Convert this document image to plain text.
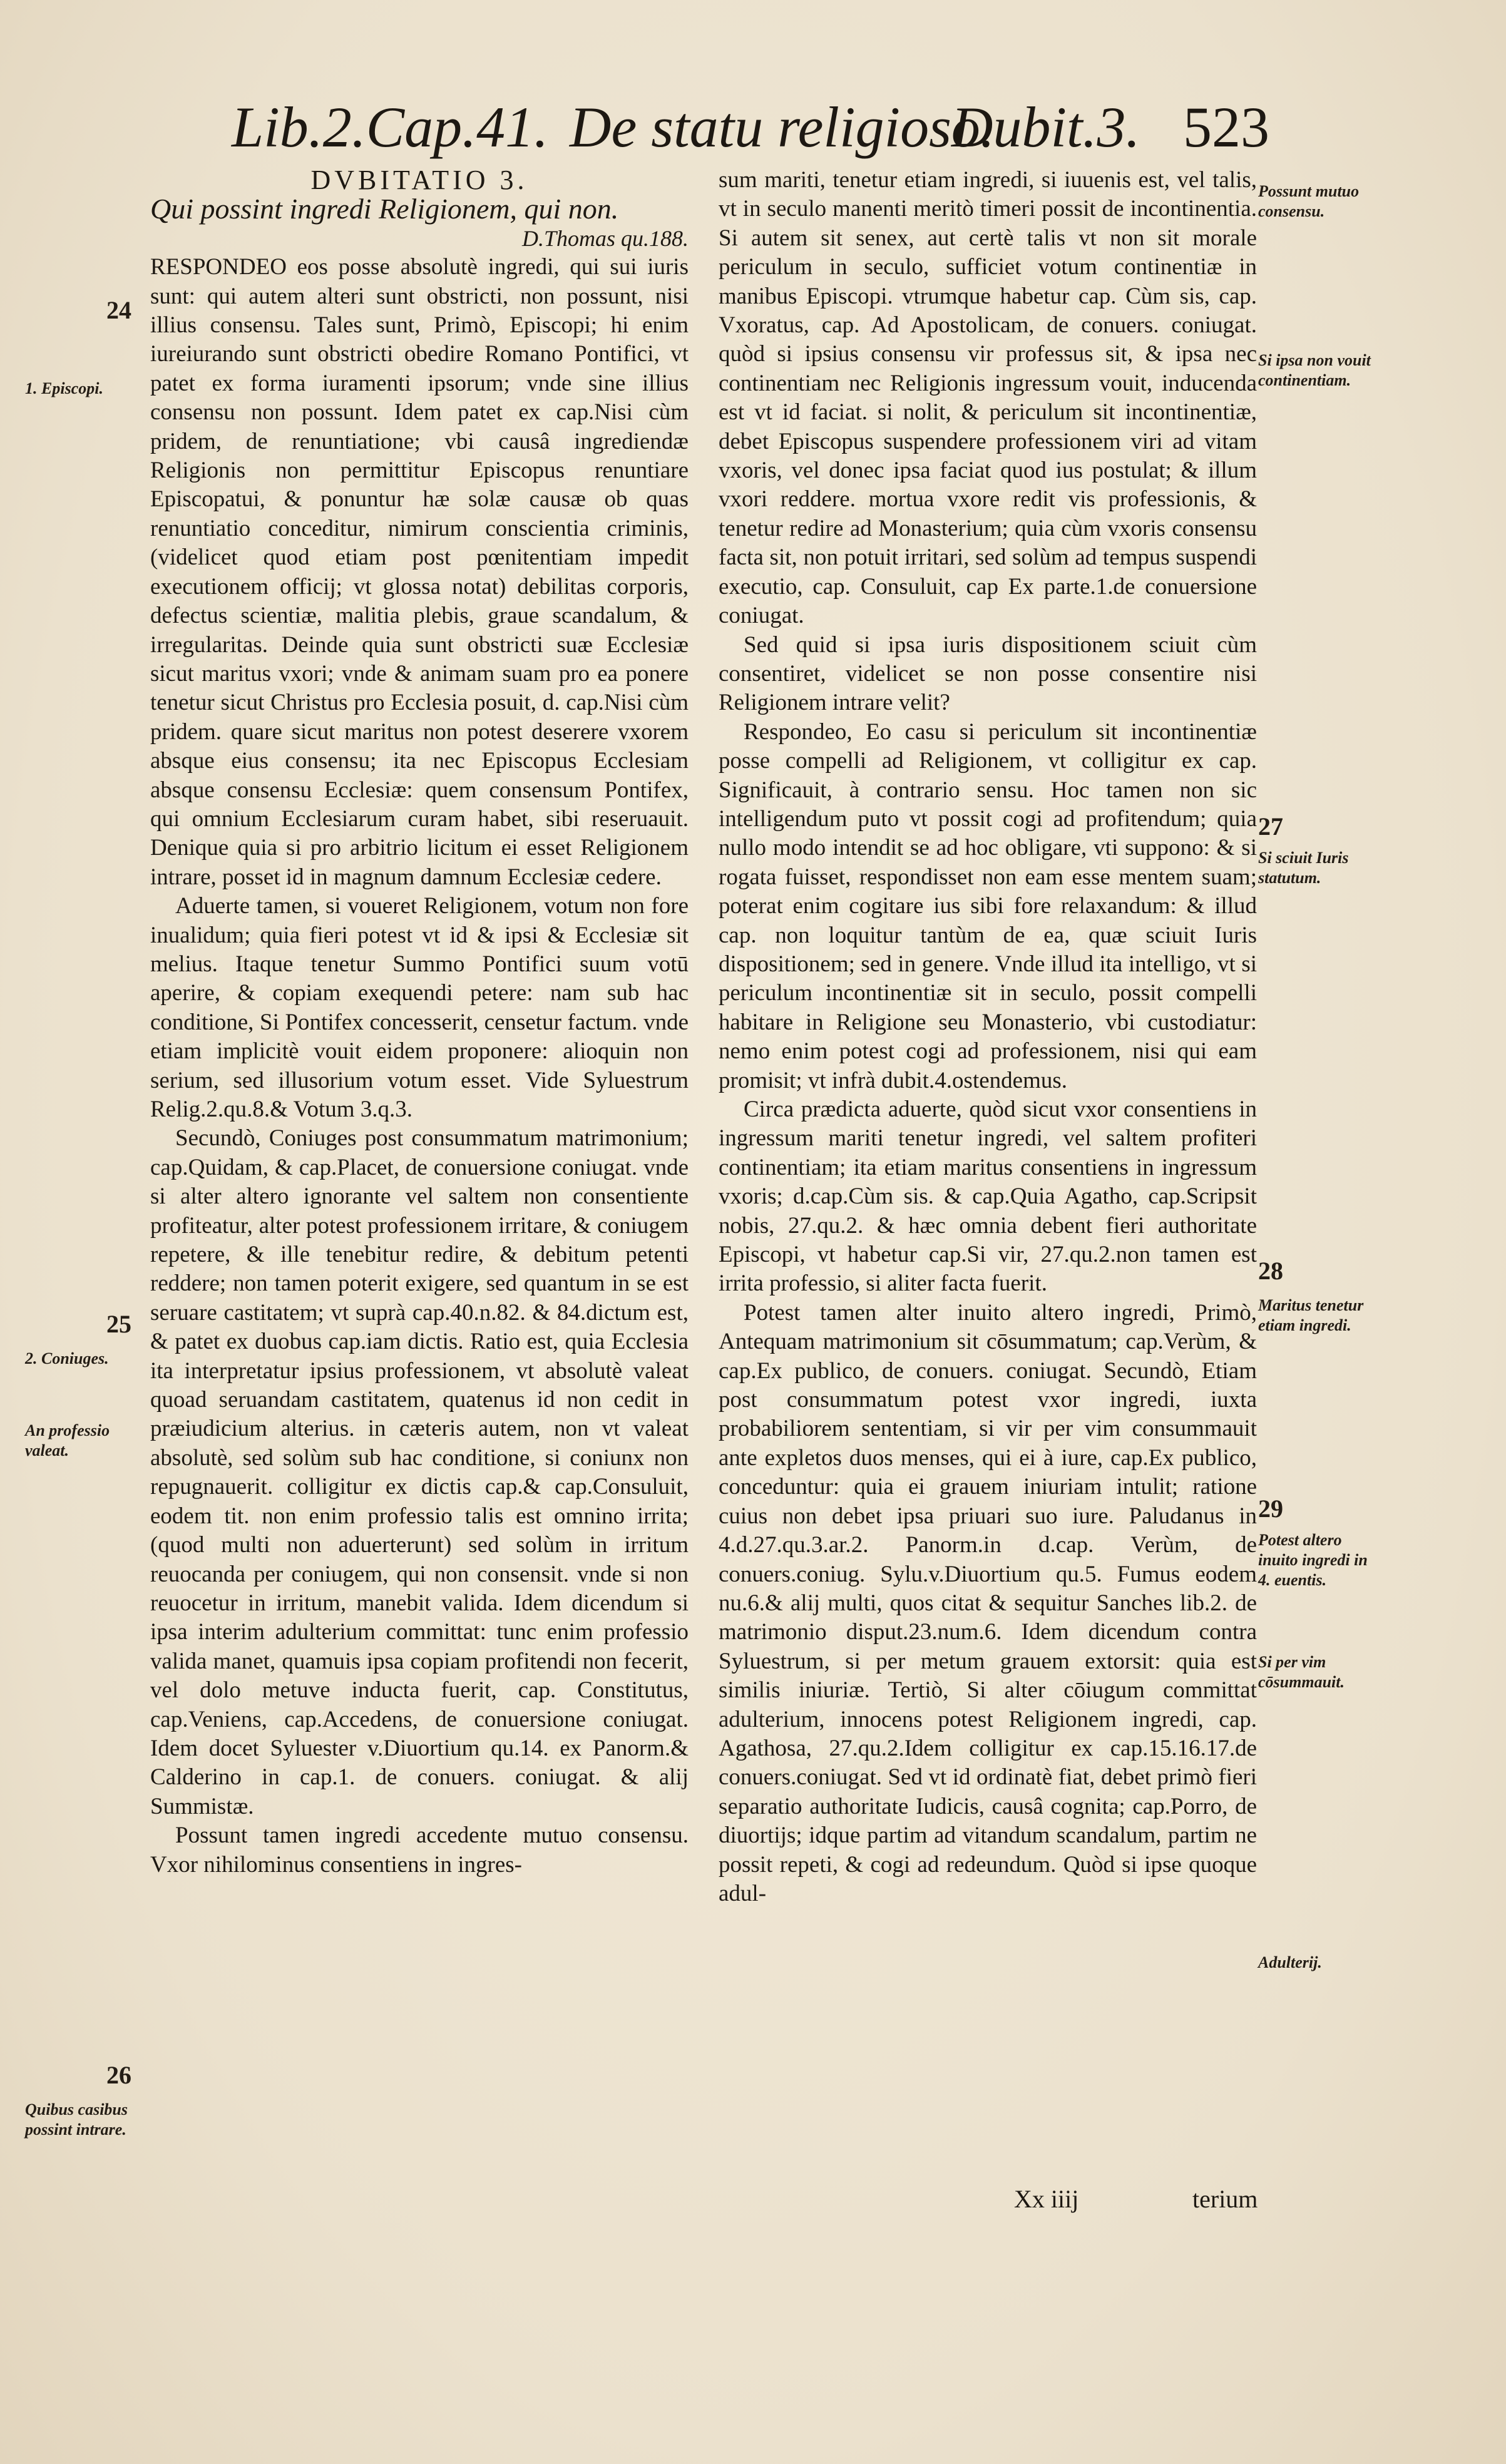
Lib.2.Cap.41. De statu religioso.
Dubit.3. 523

DVBITATIO 3.

Qui possint ingredi Religionem, qui non.

D.Thomas qu.188.

RESPONDEO eos posse absolutè ingredi, qui sui iuris sunt: qui autem alteri sunt obstricti, non possunt, nisi illius consensu. Tales sunt, Primò, Episcopi; hi enim iureiurando sunt obstricti obedire Romano Pontifici, vt patet ex forma iuramenti ipsorum; vnde sine illius consensu non possunt. Idem patet ex cap.Nisi cùm pridem, de renuntiatione; vbi causâ ingrediendæ Religionis non permittitur Episcopus renuntiare Episcopatui, & ponuntur hæ solæ causæ ob quas renuntiatio conceditur, nimirum conscientia criminis, (videlicet quod etiam post pœnitentiam impedit executionem officij; vt glossa notat) debilitas corporis, defectus scientiæ, malitia plebis, graue scandalum, & irregularitas. Deinde quia sunt obstricti suæ Ecclesiæ sicut maritus vxori; vnde & animam suam pro ea ponere tenetur sicut Christus pro Ecclesia posuit, d. cap.Nisi cùm pridem. quare sicut maritus non potest deserere vxorem absque eius consensu; ita nec Episcopus Ecclesiam absque consensu Ecclesiæ: quem consensum Pontifex, qui omnium Ecclesiarum curam habet, sibi reseruauit. Denique quia si pro arbitrio licitum ei esset Religionem intrare, posset id in magnum damnum Ecclesiæ cedere.

Aduerte tamen, si voueret Religionem, votum non fore inualidum; quia fieri potest vt id & ipsi & Ecclesiæ sit melius. Itaque tenetur Summo Pontifici suum votū aperire, & copiam exequendi petere: nam sub hac conditione, Si Pontifex concesserit, censetur factum. vnde etiam implicitè vouit eidem proponere: alioquin non serium, sed illusorium votum esset. Vide Syluestrum Relig.2.qu.8.& Votum 3.q.3.

Secundò, Coniuges post consummatum matrimonium; cap.Quidam, & cap.Placet, de conuersione coniugat. vnde si alter altero ignorante vel saltem non consentiente profiteatur, alter potest professionem irritare, & coniugem repetere, & ille tenebitur redire, & debitum petenti reddere; non tamen poterit exigere, sed quantum in se est seruare castitatem; vt suprà cap.40.n.82. & 84.dictum est, & patet ex duobus cap.iam dictis. Ratio est, quia Ecclesia ita interpretatur ipsius professionem, vt absolutè valeat quoad seruandam castitatem, quatenus id non cedit in præiudicium alterius. in cæteris autem, non vt valeat absolutè, sed solùm sub hac conditione, si coniunx non repugnauerit. colligitur ex dictis cap.& cap.Consuluit, eodem tit. non enim professio talis est omnino irrita; (quod multi non aduerterunt) sed solùm in irritum reuocanda per coniugem, qui non consensit. vnde si non reuocetur in irritum, manebit valida. Idem dicendum si ipsa interim adulterium committat: tunc enim professio valida manet, quamuis ipsa copiam profitendi non fecerit, vel dolo metuve inducta fuerit, cap. Constitutus, cap.Veniens, cap.Accedens, de conuersione coniugat. Idem docet Syluester v.Diuortium qu.14. ex Panorm.& Calderino in cap.1. de conuers. coniugat. & alij Summistæ.

Possunt tamen ingredi accedente mutuo consensu. Vxor nihilominus consentiens in ingres-

sum mariti, tenetur etiam ingredi, si iuuenis est, vel talis, vt in seculo manenti meritò timeri possit de incontinentia. Si autem sit senex, aut certè talis vt non sit morale periculum in seculo, sufficiet votum continentiæ in manibus Episcopi. vtrumque habetur cap. Cùm sis, cap. Vxoratus, cap. Ad Apostolicam, de conuers. coniugat. quòd si ipsius consensu vir professus sit, & ipsa nec continentiam nec Religionis ingressum vouit, inducenda est vt id faciat. si nolit, & periculum sit incontinentiæ, debet Episcopus suspendere professionem viri ad vitam vxoris, vel donec ipsa faciat quod ius postulat; & illum vxori reddere. mortua vxore redit vis professionis, & tenetur redire ad Monasterium; quia cùm vxoris consensu facta sit, non potuit irritari, sed solùm ad tempus suspendi executio, cap. Consuluit, cap Ex parte.1.de conuersione coniugat.

Sed quid si ipsa iuris dispositionem sciuit cùm consentiret, videlicet se non posse consentire nisi Religionem intrare velit?

Respondeo, Eo casu si periculum sit incontinentiæ posse compelli ad Religionem, vt colligitur ex cap. Significauit, à contrario sensu. Hoc tamen non sic intelligendum puto vt possit cogi ad profitendum; quia nullo modo intendit se ad hoc obligare, vti suppono: & si rogata fuisset, respondisset non eam esse mentem suam; poterat enim cogitare ius sibi fore relaxandum: & illud cap. non loquitur tantùm de ea, quæ sciuit Iuris dispositionem; sed in genere. Vnde illud ita intelligo, vt si periculum incontinentiæ sit in seculo, possit compelli habitare in Religione seu Monasterio, vbi custodiatur: nemo enim potest cogi ad professionem, nisi qui eam promisit; vt infrà dubit.4.ostendemus.

Circa prædicta aduerte, quòd sicut vxor consentiens in ingressum mariti tenetur ingredi, vel saltem profiteri continentiam; ita etiam maritus consentiens in ingressum vxoris; d.cap.Cùm sis. & cap.Quia Agatho, cap.Scripsit nobis, 27.qu.2. & hæc omnia debent fieri authoritate Episcopi, vt habetur cap.Si vir, 27.qu.2.non tamen est irrita professio, si aliter facta fuerit.

Potest tamen alter inuito altero ingredi, Primò, Antequam matrimonium sit cōsummatum; cap.Verùm, & cap.Ex publico, de conuers. coniugat. Secundò, Etiam post consummatum potest vxor ingredi, iuxta probabiliorem sententiam, si vir per vim consummauit ante expletos duos menses, qui ei à iure, cap.Ex publico, conceduntur: quia ei grauem iniuriam intulit; ratione cuius non debet ipsa priuari suo iure. Paludanus in 4.d.27.qu.3.ar.2. Panorm.in d.cap. Verùm, de conuers.coniug. Sylu.v.Diuortium qu.5. Fumus eodem nu.6.& alij multi, quos citat & sequitur Sanches lib.2. de matrimonio disput.23.num.6. Idem dicendum contra Syluestrum, si per metum grauem extorsit: quia est similis iniuriæ. Tertiò, Si alter cōiugum committat adulterium, innocens potest Religionem ingredi, cap. Agathosa, 27.qu.2.Idem colligitur ex cap.15.16.17.de conuers.coniugat. Sed vt id ordinatè fiat, debet primò fieri separatio authoritate Iudicis, causâ cognita; cap.Porro, de diuortijs; idque partim ad vitandum scandalum, partim ne possit repeti, & cogi ad redeundum. Quòd si ipse quoque adul-

24
1. Episcopi.
25
2. Coniuges.
An professio valeat.
26
Quibus casibus possint intrare.
Possunt mutuo consensu.
Si ipsa non vouit continentiam.
27
Si sciuit Iuris statutum.
28
Maritus tenetur etiam ingredi.
29
Potest altero inuito ingredi in 4. euentis.
Si per vim cōsummauit.
Adulterij.
Xx iiij	terium
